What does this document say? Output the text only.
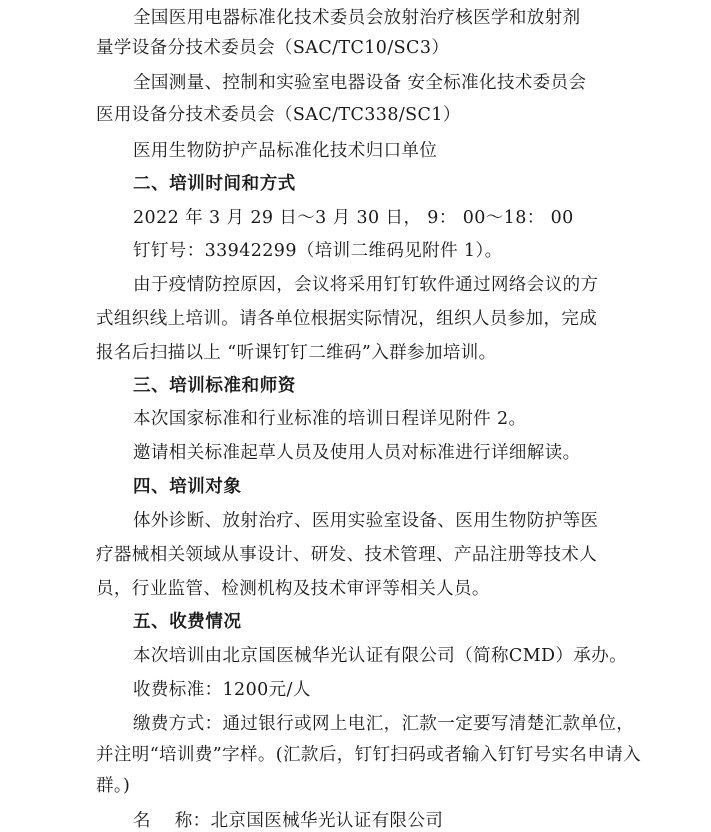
全国医用电器标准化技术委员会放射治疗核医学和放射剂
量学设备分技术委员会（SAC/TC10/SC3）
全国测量、控制和实验室电器设备 安全标准化技术委员会
医用设备分技术委员会（SAC/TC338/SC1）
医用生物防护产品标准化技术归口单位
二、培训时间和方式
2022 年 3 月 29 日～3 月 30 日， 9： 00～18： 00
钉钉号：33942299（培训二维码见附件 1）。
由于疫情防控原因，会议将采用钉钉软件通过网络会议的方
式组织线上培训。请各单位根据实际情况，组织人员参加，完成
报名后扫描以上 “听课钉钉二维码”入群参加培训。
三、培训标准和师资
本次国家标准和行业标准的培训日程详见附件 2。
邀请相关标准起草人员及使用人员对标准进行详细解读。
四、培训对象
体外诊断、放射治疗、医用实验室设备、医用生物防护等医
疗器械相关领域从事设计、研发、技术管理、产品注册等技术人
员，行业监管、检测机构及技术审评等相关人员。
五、收费情况
本次培训由北京国医械华光认证有限公司（简称CMD）承办。
收费标准：1200元/人
缴费方式：通过银行或网上电汇，汇款一定要写清楚汇款单位，
并注明“培训费”字样。(汇款后，钉钉扫码或者输入钉钉号实名申请入
群。)
名    称：北京国医械华光认证有限公司
